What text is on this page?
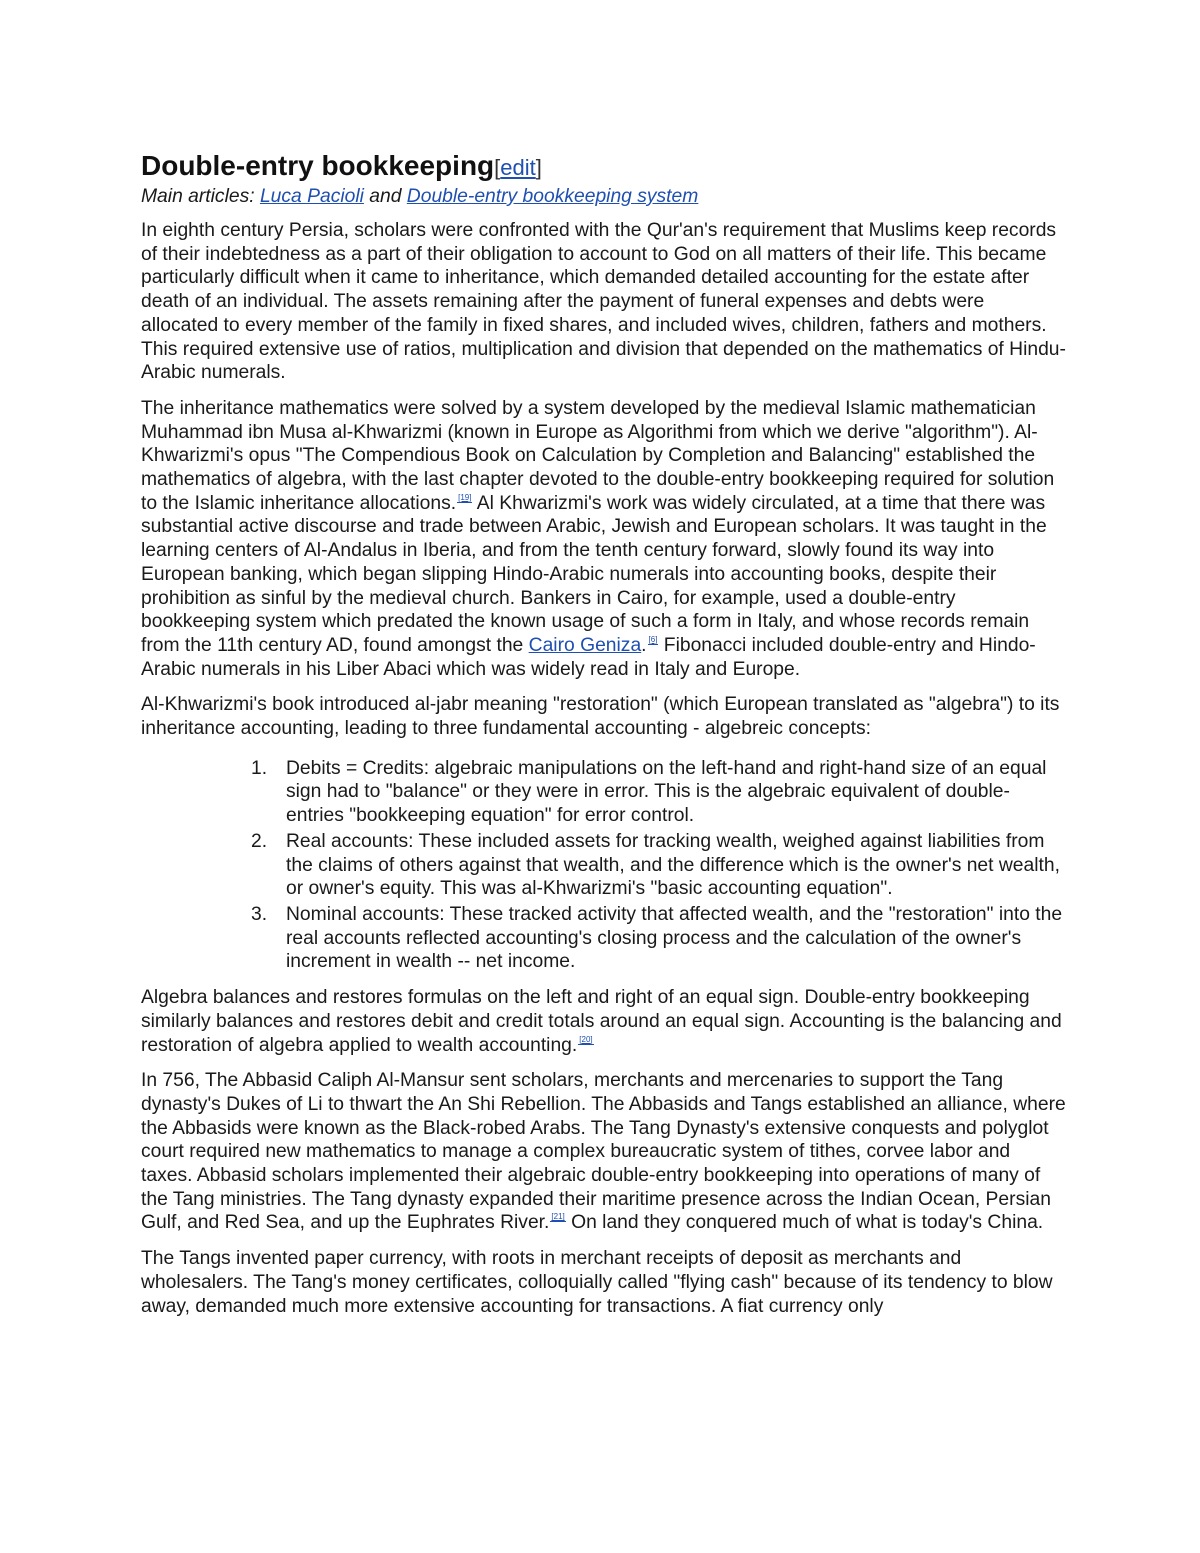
Double-entry bookkeeping[edit]
Main articles: Luca Pacioli and Double-entry bookkeeping system

In eighth century Persia, scholars were confronted with the Qur'an's requirement that Muslims keep records of their indebtedness as a part of their obligation to account to God on all matters of their life. This became particularly difficult when it came to inheritance, which demanded detailed accounting for the estate after death of an individual. The assets remaining after the payment of funeral expenses and debts were allocated to every member of the family in fixed shares, and included wives, children, fathers and mothers. This required extensive use of ratios, multiplication and division that depended on the mathematics of Hindu-Arabic numerals.

The inheritance mathematics were solved by a system developed by the medieval Islamic mathematician Muhammad ibn Musa al-Khwarizmi (known in Europe as Algorithmi from which we derive "algorithm"). Al-Khwarizmi's opus "The Compendious Book on Calculation by Completion and Balancing" established the mathematics of algebra, with the last chapter devoted to the double-entry bookkeeping required for solution to the Islamic inheritance allocations. [19] Al Khwarizmi's work was widely circulated, at a time that there was substantial active discourse and trade between Arabic, Jewish and European scholars. It was taught in the learning centers of Al-Andalus in Iberia, and from the tenth century forward, slowly found its way into European banking, which began slipping Hindo-Arabic numerals into accounting books, despite their prohibition as sinful by the medieval church. Bankers in Cairo, for example, used a double-entry bookkeeping system which predated the known usage of such a form in Italy, and whose records remain from the 11th century AD, found amongst the Cairo Geniza. [6] Fibonacci included double-entry and Hindo-Arabic numerals in his Liber Abaci which was widely read in Italy and Europe.

Al-Khwarizmi's book introduced al-jabr meaning "restoration" (which European translated as "algebra") to its inheritance accounting, leading to three fundamental accounting - algebreic concepts:

1. Debits = Credits: algebraic manipulations on the left-hand and right-hand size of an equal sign had to "balance" or they were in error. This is the algebraic equivalent of double-entries "bookkeeping equation" for error control.
2. Real accounts: These included assets for tracking wealth, weighed against liabilities from the claims of others against that wealth, and the difference which is the owner's net wealth, or owner's equity. This was al-Khwarizmi's "basic accounting equation".
3. Nominal accounts: These tracked activity that affected wealth, and the "restoration" into the real accounts reflected accounting's closing process and the calculation of the owner's increment in wealth -- net income.

Algebra balances and restores formulas on the left and right of an equal sign. Double-entry bookkeeping similarly balances and restores debit and credit totals around an equal sign. Accounting is the balancing and restoration of algebra applied to wealth accounting. [20]

In 756, The Abbasid Caliph Al-Mansur sent scholars, merchants and mercenaries to support the Tang dynasty's Dukes of Li to thwart the An Shi Rebellion. The Abbasids and Tangs established an alliance, where the Abbasids were known as the Black-robed Arabs. The Tang Dynasty's extensive conquests and polyglot court required new mathematics to manage a complex bureaucratic system of tithes, corvee labor and taxes. Abbasid scholars implemented their algebraic double-entry bookkeeping into operations of many of the Tang ministries. The Tang dynasty expanded their maritime presence across the Indian Ocean, Persian Gulf, and Red Sea, and up the Euphrates River. [21] On land they conquered much of what is today's China.

The Tangs invented paper currency, with roots in merchant receipts of deposit as merchants and wholesalers. The Tang's money certificates, colloquially called "flying cash" because of its tendency to blow away, demanded much more extensive accounting for transactions. A fiat currency only
